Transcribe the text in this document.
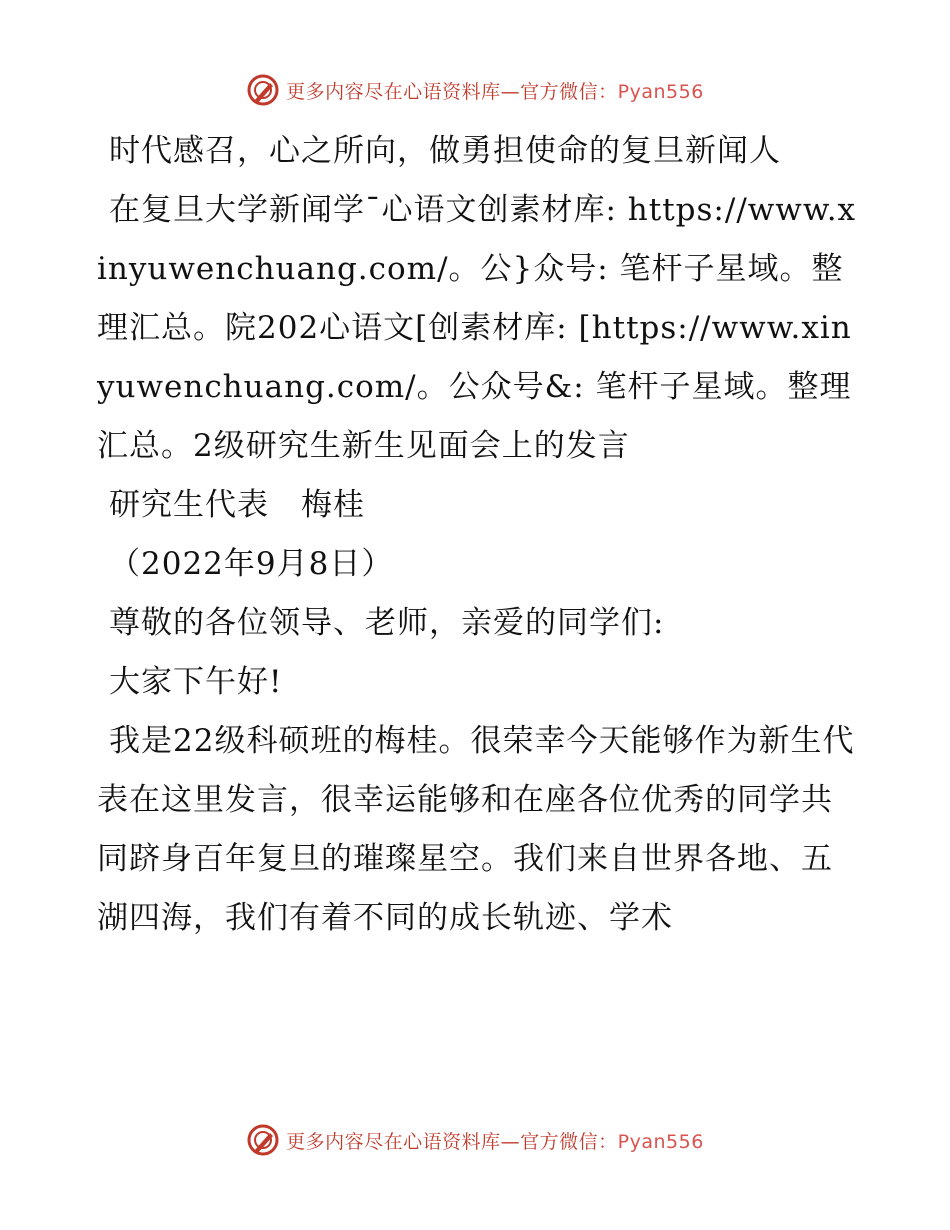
更多内容尽在心语资料库—官方微信：Pyan556

时代感召，心之所向，做勇担使命的复旦新闻人

在复旦大学新闻学¯心语文创素材库: https://www.xinyuwenchuang.com/。公}众号: 笔杆子星域。整理汇总。院202心语文[创素材库: [https://www.xinyuwenchuang.com/。公众号&: 笔杆子星域。整理汇总。2级研究生新生见面会上的发言

研究生代表　梅桂

（2022年9月8日）

尊敬的各位领导、老师，亲爱的同学们:

大家下午好!

我是22级科硕班的梅桂。很荣幸今天能够作为新生代表在这里发言，很幸运能够和在座各位优秀的同学共同跻身百年复旦的璀璨星空。我们来自世界各地、五湖四海，我们有着不同的成长轨迹、学术

更多内容尽在心语资料库—官方微信：Pyan556
